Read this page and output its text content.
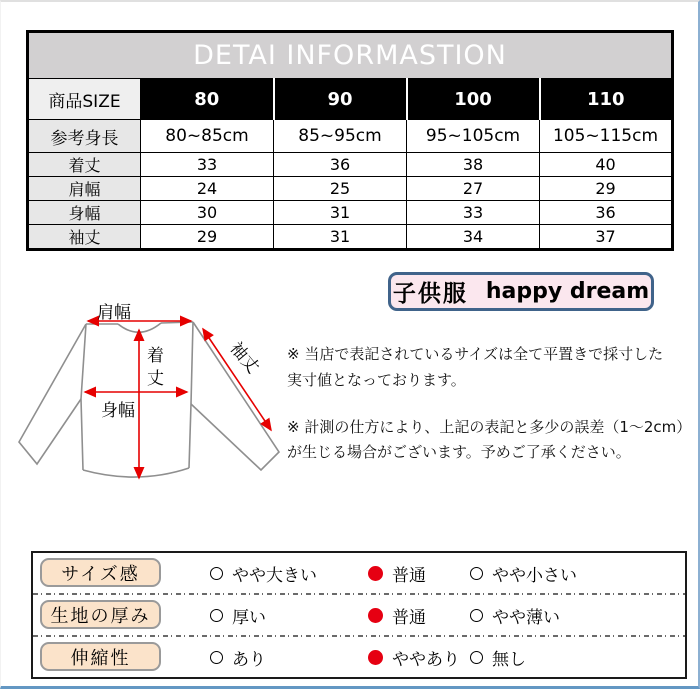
DETAI INFORMASTION				
商品SIZE	80	90	100	110
参考身長	80~85cm	85~95cm	95~105cm	105~115cm
着丈	33	36	38	40
肩幅	24	25	27	29
身幅	30	31	33	36
袖丈	29	31	34	37
肩幅
着丈
身幅
袖丈
子供服 happy dream
※ 当店で表記されているサイズは全て平置きで採寸した
実寸値となっております。
※ 計測の仕方により、上記の表記と多少の誤差（1～2cm）
が生じる場合がございます。予めご了承ください。
サイズ感	やや大きい	普通	やや小さい
生地の厚み	厚い	普通	やや薄い
伸縮性	あり	ややあり 無し
